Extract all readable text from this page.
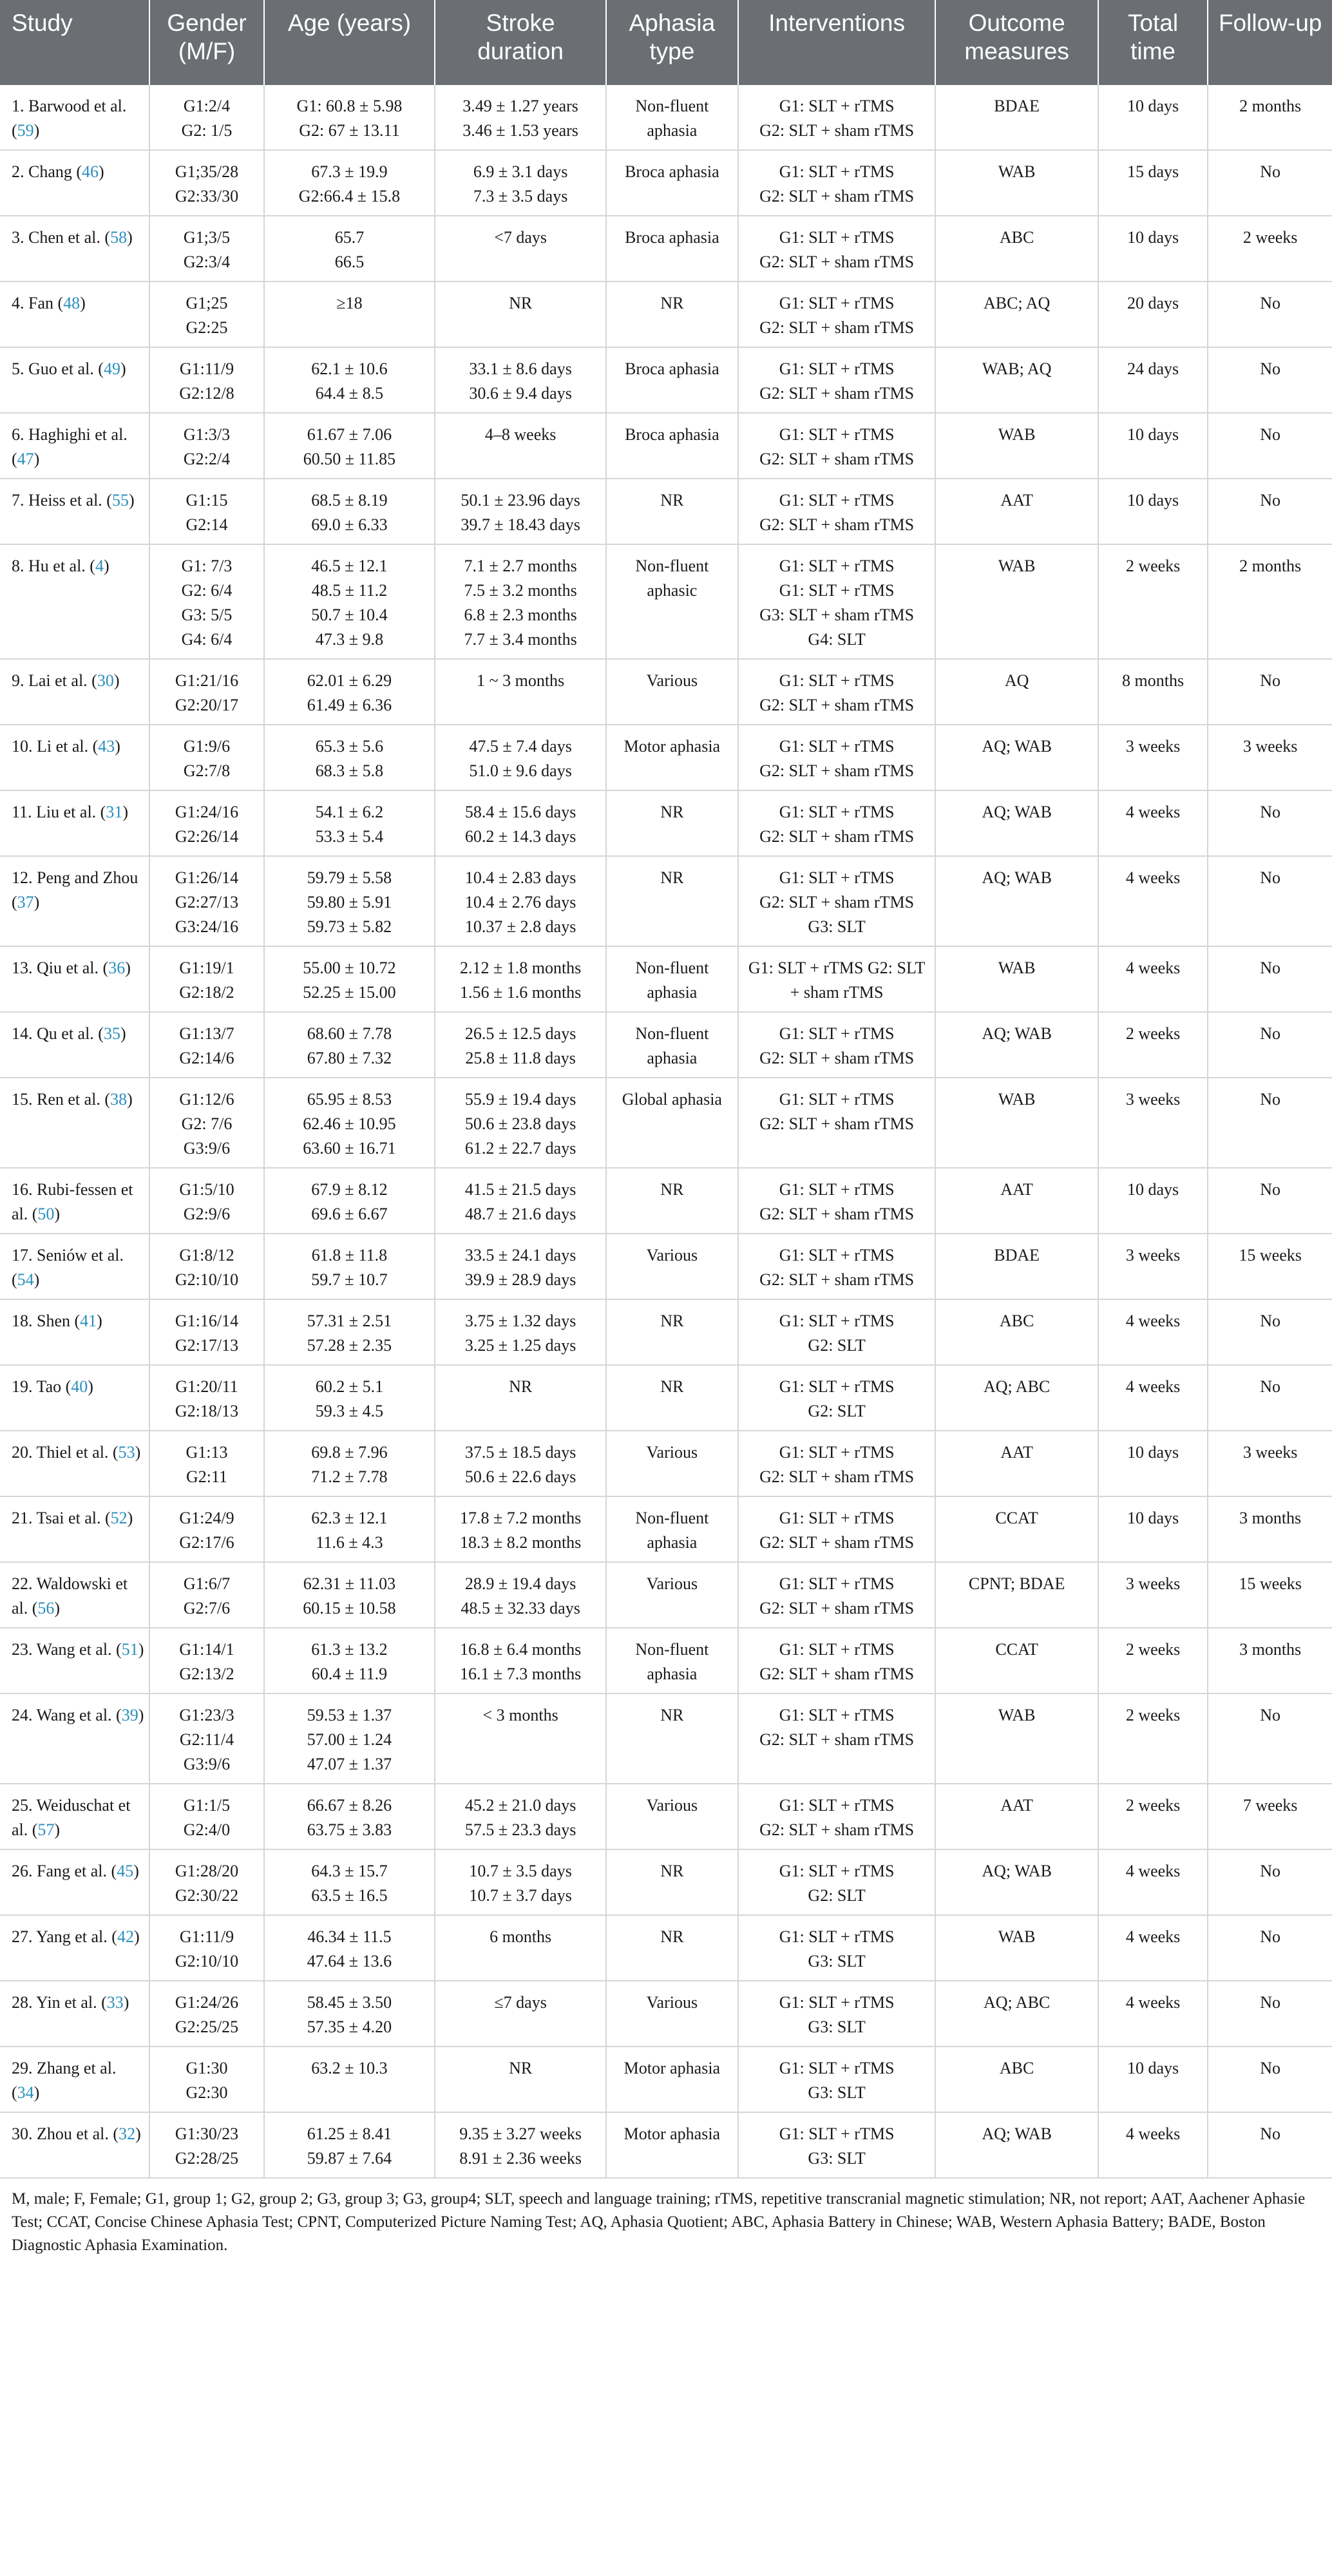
Study	Gender (M/F)	Age (years)	Stroke duration	Aphasia type	Interventions	Outcome measures	Total time	Follow-up
1. Barwood et al. (59)	G1:2/4
G2: 1/5	G1: 60.8 ± 5.98
G2: 67 ± 13.11	3.49 ± 1.27 years
3.46 ± 1.53 years	Non-fluent aphasia	G1: SLT + rTMS
G2: SLT + sham rTMS	BDAE	10 days	2 months
2. Chang (46)	G1;35/28
G2:33/30	67.3 ± 19.9
G2:66.4 ± 15.8	6.9 ± 3.1 days
7.3 ± 3.5 days	Broca aphasia	G1: SLT + rTMS
G2: SLT + sham rTMS	WAB	15 days	No
3. Chen et al. (58)	G1;3/5
G2:3/4	65.7
66.5	<7 days	Broca aphasia	G1: SLT + rTMS
G2: SLT + sham rTMS	ABC	10 days	2 weeks
4. Fan (48)	G1;25
G2:25	≥18	NR	NR	G1: SLT + rTMS
G2: SLT + sham rTMS	ABC; AQ	20 days	No
5. Guo et al. (49)	G1:11/9
G2:12/8	62.1 ± 10.6
64.4 ± 8.5	33.1 ± 8.6 days
30.6 ± 9.4 days	Broca aphasia	G1: SLT + rTMS
G2: SLT + sham rTMS	WAB; AQ	24 days	No
6. Haghighi et al. (47)	G1:3/3
G2:2/4	61.67 ± 7.06
60.50 ± 11.85	4–8 weeks	Broca aphasia	G1: SLT + rTMS
G2: SLT + sham rTMS	WAB	10 days	No
7. Heiss et al. (55)	G1:15
G2:14	68.5 ± 8.19
69.0 ± 6.33	50.1 ± 23.96 days
39.7 ± 18.43 days	NR	G1: SLT + rTMS
G2: SLT + sham rTMS	AAT	10 days	No
8. Hu et al. (4)	G1: 7/3
G2: 6/4
G3: 5/5
G4: 6/4	46.5 ± 12.1
48.5 ± 11.2
50.7 ± 10.4
47.3 ± 9.8	7.1 ± 2.7 months
7.5 ± 3.2 months
6.8 ± 2.3 months
7.7 ± 3.4 months	Non-fluent aphasic	G1: SLT + rTMS
G1: SLT + rTMS
G3: SLT + sham rTMS
G4: SLT	WAB	2 weeks	2 months
9. Lai et al. (30)	G1:21/16
G2:20/17	62.01 ± 6.29
61.49 ± 6.36	1 ~ 3 months	Various	G1: SLT + rTMS
G2: SLT + sham rTMS	AQ	8 months	No
10. Li et al. (43)	G1:9/6
G2:7/8	65.3 ± 5.6
68.3 ± 5.8	47.5 ± 7.4 days
51.0 ± 9.6 days	Motor aphasia	G1: SLT + rTMS
G2: SLT + sham rTMS	AQ; WAB	3 weeks	3 weeks
11. Liu et al. (31)	G1:24/16
G2:26/14	54.1 ± 6.2
53.3 ± 5.4	58.4 ± 15.6 days
60.2 ± 14.3 days	NR	G1: SLT + rTMS
G2: SLT + sham rTMS	AQ; WAB	4 weeks	No
12. Peng and Zhou (37)	G1:26/14
G2:27/13
G3:24/16	59.79 ± 5.58
59.80 ± 5.91
59.73 ± 5.82	10.4 ± 2.83 days
10.4 ± 2.76 days
10.37 ± 2.8 days	NR	G1: SLT + rTMS
G2: SLT + sham rTMS
G3: SLT	AQ; WAB	4 weeks	No
13. Qiu et al. (36)	G1:19/1
G2:18/2	55.00 ± 10.72
52.25 ± 15.00	2.12 ± 1.8 months
1.56 ± 1.6 months	Non-fluent aphasia	G1: SLT + rTMS G2: SLT + sham rTMS	WAB	4 weeks	No
14. Qu et al. (35)	G1:13/7
G2:14/6	68.60 ± 7.78
67.80 ± 7.32	26.5 ± 12.5 days
25.8 ± 11.8 days	Non-fluent aphasia	G1: SLT + rTMS
G2: SLT + sham rTMS	AQ; WAB	2 weeks	No
15. Ren et al. (38)	G1:12/6
G2: 7/6
G3:9/6	65.95 ± 8.53
62.46 ± 10.95
63.60 ± 16.71	55.9 ± 19.4 days
50.6 ± 23.8 days
61.2 ± 22.7 days	Global aphasia	G1: SLT + rTMS
G2: SLT + sham rTMS	WAB	3 weeks	No
16. Rubi-fessen et al. (50)	G1:5/10
G2:9/6	67.9 ± 8.12
69.6 ± 6.67	41.5 ± 21.5 days
48.7 ± 21.6 days	NR	G1: SLT + rTMS
G2: SLT + sham rTMS	AAT	10 days	No
17. Seniów et al. (54)	G1:8/12
G2:10/10	61.8 ± 11.8
59.7 ± 10.7	33.5 ± 24.1 days
39.9 ± 28.9 days	Various	G1: SLT + rTMS
G2: SLT + sham rTMS	BDAE	3 weeks	15 weeks
18. Shen (41)	G1:16/14
G2:17/13	57.31 ± 2.51
57.28 ± 2.35	3.75 ± 1.32 days
3.25 ± 1.25 days	NR	G1: SLT + rTMS
G2: SLT	ABC	4 weeks	No
19. Tao (40)	G1:20/11
G2:18/13	60.2 ± 5.1
59.3 ± 4.5	NR	NR	G1: SLT + rTMS
G2: SLT	AQ; ABC	4 weeks	No
20. Thiel et al. (53)	G1:13
G2:11	69.8 ± 7.96
71.2 ± 7.78	37.5 ± 18.5 days
50.6 ± 22.6 days	Various	G1: SLT + rTMS
G2: SLT + sham rTMS	AAT	10 days	3 weeks
21. Tsai et al. (52)	G1:24/9
G2:17/6	62.3 ± 12.1
11.6 ± 4.3	17.8 ± 7.2 months
18.3 ± 8.2 months	Non-fluent aphasia	G1: SLT + rTMS
G2: SLT + sham rTMS	CCAT	10 days	3 months
22. Waldowski et al. (56)	G1:6/7
G2:7/6	62.31 ± 11.03
60.15 ± 10.58	28.9 ± 19.4 days
48.5 ± 32.33 days	Various	G1: SLT + rTMS
G2: SLT + sham rTMS	CPNT; BDAE	3 weeks	15 weeks
23. Wang et al. (51)	G1:14/1
G2:13/2	61.3 ± 13.2
60.4 ± 11.9	16.8 ± 6.4 months
16.1 ± 7.3 months	Non-fluent aphasia	G1: SLT + rTMS
G2: SLT + sham rTMS	CCAT	2 weeks	3 months
24. Wang et al. (39)	G1:23/3
G2:11/4
G3:9/6	59.53 ± 1.37
57.00 ± 1.24
47.07 ± 1.37	< 3 months	NR	G1: SLT + rTMS
G2: SLT + sham rTMS	WAB	2 weeks	No
25. Weiduschat et al. (57)	G1:1/5
G2:4/0	66.67 ± 8.26
63.75 ± 3.83	45.2 ± 21.0 days
57.5 ± 23.3 days	Various	G1: SLT + rTMS
G2: SLT + sham rTMS	AAT	2 weeks	7 weeks
26. Fang et al. (45)	G1:28/20
G2:30/22	64.3 ± 15.7
63.5 ± 16.5	10.7 ± 3.5 days
10.7 ± 3.7 days	NR	G1: SLT + rTMS
G2: SLT	AQ; WAB	4 weeks	No
27. Yang et al. (42)	G1:11/9
G2:10/10	46.34 ± 11.5
47.64 ± 13.6	6 months	NR	G1: SLT + rTMS
G3: SLT	WAB	4 weeks	No
28. Yin et al. (33)	G1:24/26
G2:25/25	58.45 ± 3.50
57.35 ± 4.20	≤7 days	Various	G1: SLT + rTMS
G3: SLT	AQ; ABC	4 weeks	No
29. Zhang et al. (34)	G1:30
G2:30	63.2 ± 10.3	NR	Motor aphasia	G1: SLT + rTMS
G3: SLT	ABC	10 days	No
30. Zhou et al. (32)	G1:30/23
G2:28/25	61.25 ± 8.41
59.87 ± 7.64	9.35 ± 3.27 weeks
8.91 ± 2.36 weeks	Motor aphasia	G1: SLT + rTMS
G3: SLT	AQ; WAB	4 weeks	No
M, male; F, Female; G1, group 1; G2, group 2; G3, group 3; G3, group4; SLT, speech and language training; rTMS, repetitive transcranial magnetic stimulation; NR, not report; AAT, Aachener Aphasie Test; CCAT, Concise Chinese Aphasia Test; CPNT, Computerized Picture Naming Test; AQ, Aphasia Quotient; ABC, Aphasia Battery in Chinese; WAB, Western Aphasia Battery; BADE, Boston Diagnostic Aphasia Examination.
